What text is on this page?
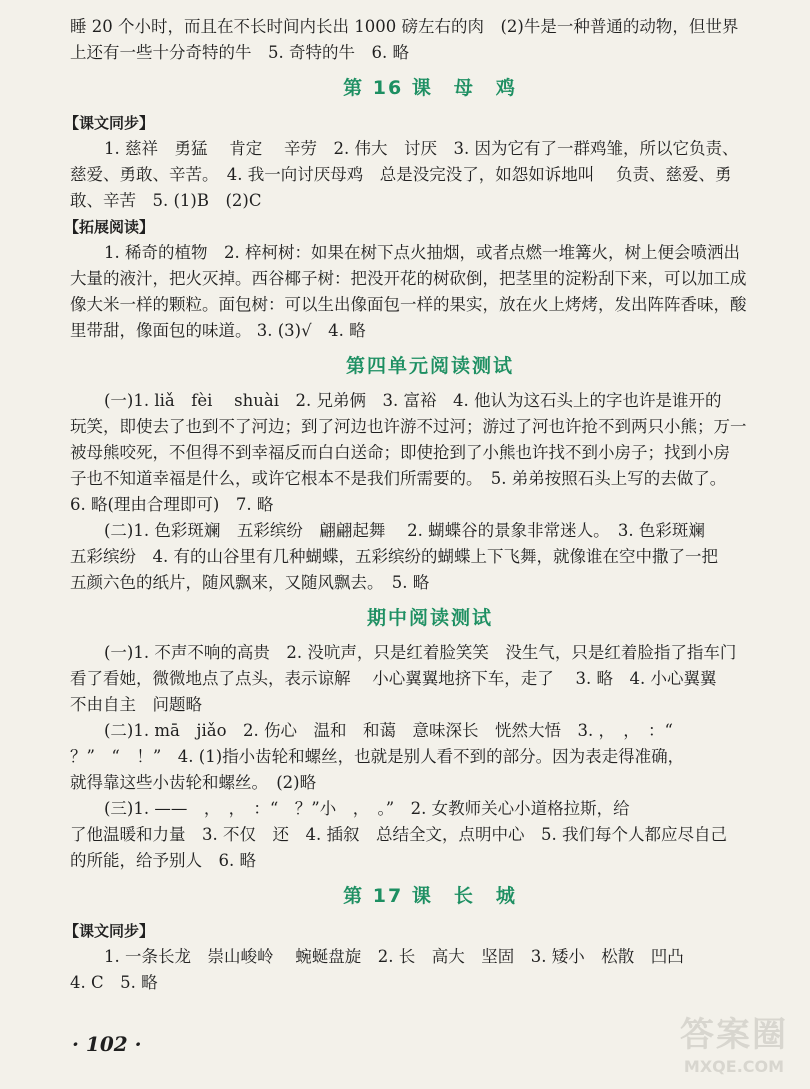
睡 20 个小时，而且在不长时间内长出 1000 磅左右的肉　(2)牛是一种普通的动物，但世界
上还有一些十分奇特的牛　5. 奇特的牛　6. 略
第 16 课　母　鸡
【课文同步】
1. 慈祥　勇猛　 肯定　 辛劳　2. 伟大　讨厌　3. 因为它有了一群鸡雏，所以它负责、
慈爱、勇敢、辛苦。　4. 我一向讨厌母鸡　总是没完没了，如怨如诉地叫　 负责、慈爱、勇
敢、辛苦　5. (1)B　(2)C
【拓展阅读】
1. 稀奇的植物　2. 梓柯树：如果在树下点火抽烟，或者点燃一堆篝火，树上便会喷洒出
大量的液汁，把火灭掉。西谷椰子树：把没开花的树砍倒，把茎里的淀粉刮下来，可以加工成
像大米一样的颗粒。面包树：可以生出像面包一样的果实，放在火上烤烤，发出阵阵香味，酸
里带甜，像面包的味道。 3. (3)√　4. 略
第四单元阅读测试
(一)1. liǎ　fèi　 shuài　2. 兄弟俩　3. 富裕　4. 他认为这石头上的字也许是谁开的
玩笑，即使去了也到不了河边；到了河边也许游不过河；游过了河也许抢不到两只小熊；万一
被母熊咬死，不但得不到幸福反而白白送命；即使抢到了小熊也许找不到小房子；找到小房
子也不知道幸福是什么，或许它根本不是我们所需要的。　5. 弟弟按照石头上写的去做了。
6. 略(理由合理即可)　7. 略
(二)1. 色彩斑斓　五彩缤纷　翩翩起舞　 2. 蝴蝶谷的景象非常迷人。　3. 色彩斑斓
五彩缤纷　4. 有的山谷里有几种蝴蝶，五彩缤纷的蝴蝶上下飞舞，就像谁在空中撒了一把
五颜六色的纸片，随风飘来，又随风飘去。　5. 略
期中阅读测试
(一)1. 不声不响的高贵　2. 没吭声，只是红着脸笑笑　没生气，只是红着脸指了指车门
看了看她，微微地点了点头，表示谅解　 小心翼翼地挤下车，走了　 3. 略　4. 小心翼翼
不由自主　问题略
(二)1. mā　jiǎo　2. 伤心　温和　和蔼　意味深长　恍然大悟　3. ，　，　：“
？”　“　！”　4. (1)指小齿轮和螺丝，也就是别人看不到的部分。因为表走得准确，
就得靠这些小齿轮和螺丝。　(2)略
(三)1. ——　，　，　：“　？”小　，　。”　2. 女教师关心小道格拉斯，给
了他温暖和力量　3. 不仅　还　4. 插叙　总结全文，点明中心　5. 我们每个人都应尽自己
的所能，给予别人　6. 略
第 17 课　长　城
【课文同步】
1. 一条长龙　崇山峻岭　 蜿蜒盘旋　2. 长　高大　坚固　3. 矮小　松散　凹凸
4. C　5. 略
· 102 ·	答案圈
MXQE.COM
